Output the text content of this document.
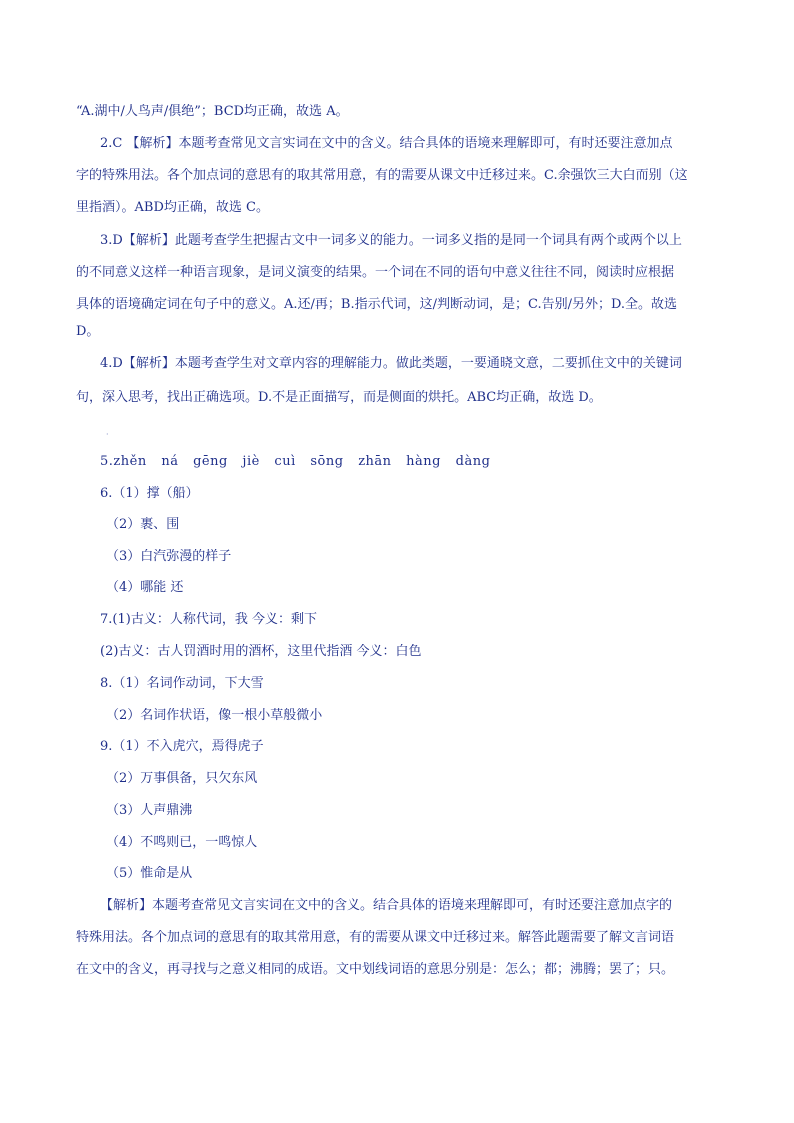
“A.湖中/人鸟声/俱绝”；BCD均正确，故选 A。
2.C 【解析】本题考查常见文言实词在文中的含义。结合具体的语境来理解即可，有时还要注意加点
字的特殊用法。各个加点词的意思有的取其常用意，有的需要从课文中迁移过来。C.余强饮三大白而别（这
里指酒）。ABD均正确，故选 C。
3.D【解析】此题考查学生把握古文中一词多义的能力。一词多义指的是同一个词具有两个或两个以上
的不同意义这样一种语言现象，是词义演变的结果。一个词在不同的语句中意义往往不同，阅读时应根据
具体的语境确定词在句子中的意义。A.还/再；B.指示代词，这/判断动词，是；C.告别/另外；D.全。故选
D。
4.D【解析】本题考查学生对文章内容的理解能力。做此类题，一要通晓文意，二要抓住文中的关键词
句，深入思考，找出正确选项。D.不是正面描写，而是侧面的烘托。ABC均正确，故选 D。
·
5.zhěn ná gēng jiè cuì sōng zhān hàng dàng
6.（1）撑（船）
（2）裹、围
（3）白汽弥漫的样子
（4）哪能 还
7.(1)古义：人称代词，我 今义：剩下
(2)古义：古人罚酒时用的酒杯，这里代指酒 今义：白色
8.（1）名词作动词，下大雪
（2）名词作状语，像一根小草般微小
9.（1）不入虎穴，焉得虎子
（2）万事俱备，只欠东风
（3）人声鼎沸
（4）不鸣则已，一鸣惊人
（5）惟命是从
【解析】本题考查常见文言实词在文中的含义。结合具体的语境来理解即可，有时还要注意加点字的
特殊用法。各个加点词的意思有的取其常用意，有的需要从课文中迁移过来。解答此题需要了解文言词语
在文中的含义，再寻找与之意义相同的成语。文中划线词语的意思分别是：怎么；都；沸腾；罢了；只。
